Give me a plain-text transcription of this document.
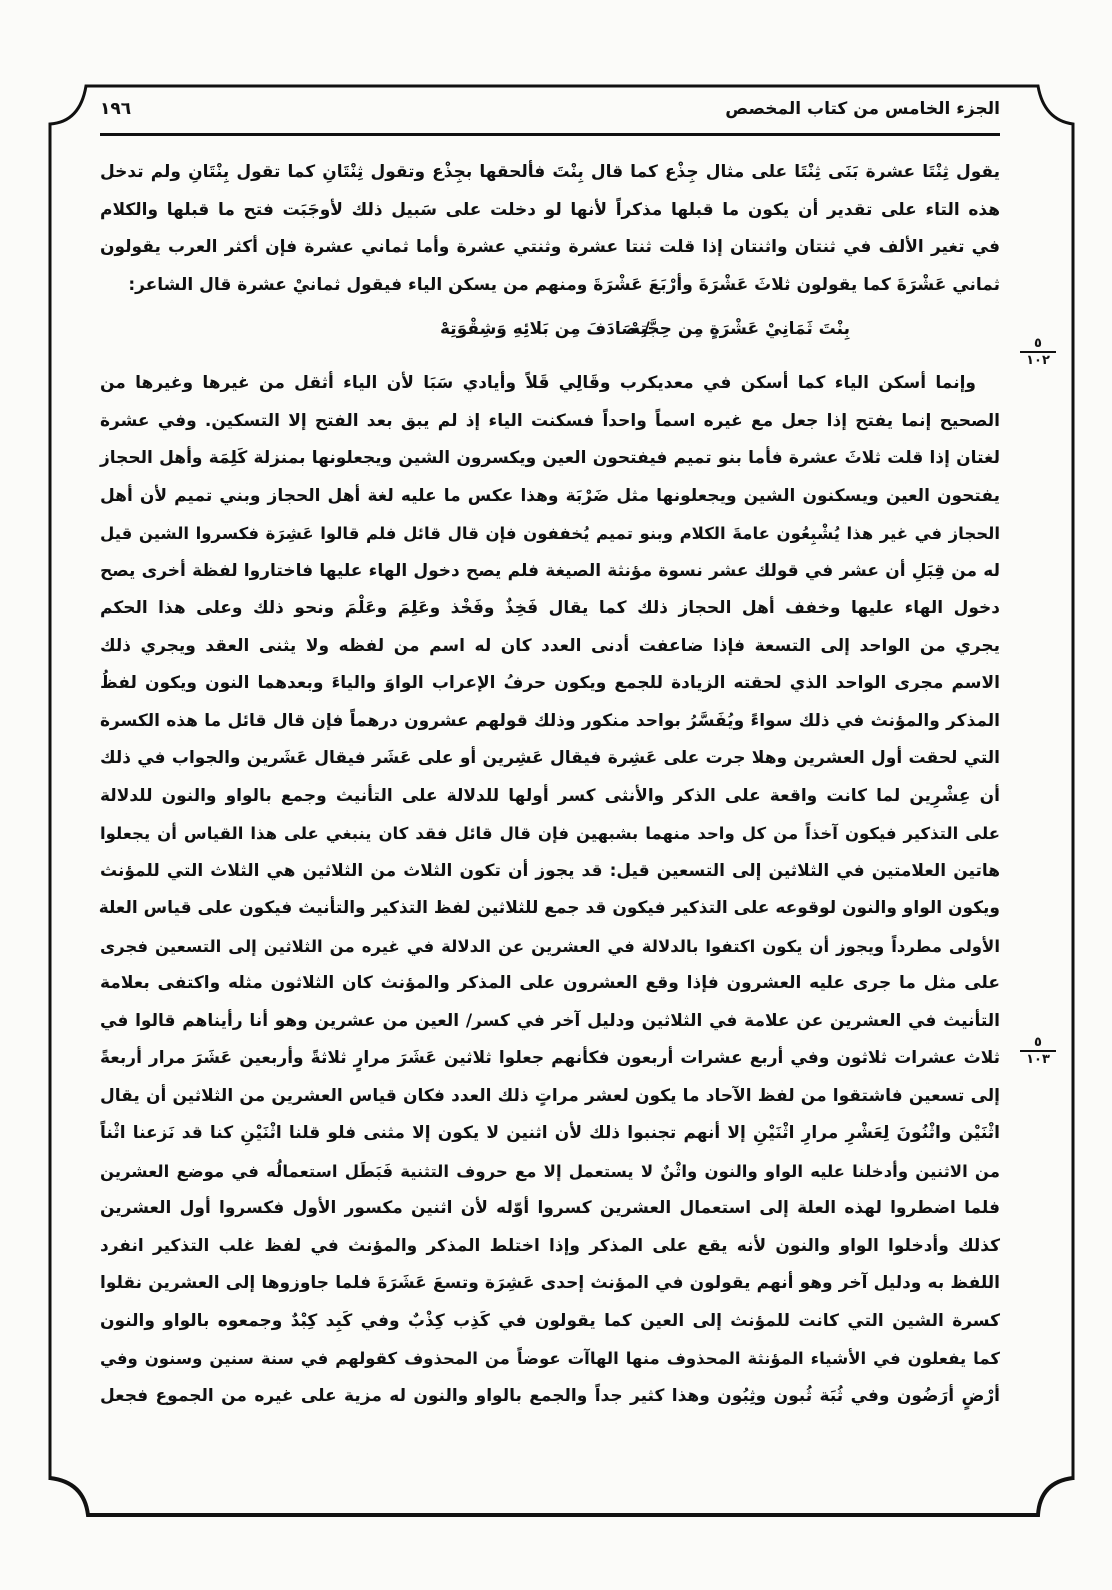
الجزء الخامس من كتاب المخصص
١٩٦
يقول ثِنْتَا عشرة بَنَى ثِنْتَا على مثال جِذْع كما قال بِنْتَ فألحقها بجِذْع وتقول ثِنْتَانِ كما تقول بِنْتَانِ ولم تدخل
هذه التاء على تقدير أن يكون ما قبلها مذكراً لأنها لو دخلت على سَبيل ذلك لأوجَبَت فتح ما قبلها والكلام
في تغير الألف في ثنتان واثنتان إذا قلت ثنتا عشرة وثنتي عشرة وأما ثماني عشرة فإن أكثر العرب يقولون
ثماني عَشْرَةَ كما يقولون ثلاثَ عَشْرَةَ وأرْبَعَ عَشْرَةَ ومنهم من يسكن الياء فيقول ثمانيْ عشرة قال الشاعر:
بِنْتَ ثَمَانِيْ عَشْرَةٍ مِن حِجَّتِهْ
/ صَادَفَ مِن بَلائِهِ وَشِقْوَتِهْ
٥
١٠٢
٥
١٠٣
وإنما أسكن الياء كما أسكن في معديكرب وقَالِي قَلاً وأيادي سَبَا لأن الياء أثقل من غيرها وغيرها من
الصحيح إنما يفتح إذا جعل مع غيره اسماً واحداً فسكنت الياء إذ لم يبق بعد الفتح إلا التسكين. وفي عشرة
لغتان إذا قلت ثلاثَ عشرة فأما بنو تميم فيفتحون العين ويكسرون الشين ويجعلونها بمنزلة كَلِمَة وأهل الحجاز
يفتحون العين ويسكنون الشين ويجعلونها مثل ضَرْبَة وهذا عكس ما عليه لغة أهل الحجاز وبني تميم لأن أهل
الحجاز في غير هذا يُشْبِعُون عامةَ الكلام وبنو تميم يُخففون فإن قال قائل فلم قالوا عَشِرَة فكسروا الشين قيل
له من قِبَلِ أن عشر في قولك عشر نسوة مؤنثة الصيغة فلم يصح دخول الهاء عليها فاختاروا لفظة أخرى يصح
دخول الهاء عليها وخفف أهل الحجاز ذلك كما يقال فَخِذٌ وفَخْذ وعَلِمَ وعَلْمَ ونحو ذلك وعلى هذا الحكم
يجري من الواحد إلى التسعة فإذا ضاعفت أدنى العدد كان له اسم من لفظه ولا يثنى العقد ويجري ذلك
الاسم مجرى الواحد الذي لحقته الزيادة للجمع ويكون حرفُ الإعراب الواوَ والياءَ وبعدهما النون ويكون لفظُ
المذكر والمؤنث في ذلك سواءً ويُفَسَّرُ بواحد منكور وذلك قولهم عشرون درهماً فإن قال قائل ما هذه الكسرة
التي لحقت أول العشرين وهلا جرت على عَشِرة فيقال عَشِرين أو على عَشَر فيقال عَشَرين والجواب في ذلك
أن عِشْرِين لما كانت واقعة على الذكر والأنثى كسر أولها للدلالة على التأنيث وجمع بالواو والنون للدلالة
على التذكير فيكون آخذاً من كل واحد منهما بشبهين فإن قال قائل فقد كان ينبغي على هذا القياس أن يجعلوا
هاتين العلامتين في الثلاثين إلى التسعين قيل: قد يجوز أن تكون الثلاث من الثلاثين هي الثلاث التي للمؤنث
ويكون الواو والنون لوقوعه على التذكير فيكون قد جمع للثلاثين لفظ التذكير والتأنيث فيكون على قياس العلة
الأولى مطرداً ويجوز أن يكون اكتفوا بالدلالة في العشرين عن الدلالة في غيره من الثلاثين إلى التسعين فجرى
على مثل ما جرى عليه العشرون فإذا وقع العشرون على المذكر والمؤنث كان الثلاثون مثله واكتفى بعلامة
التأنيث في العشرين عن علامة في الثلاثين ودليل آخر في كسر/ العين من عشرين وهو أنا رأيناهم قالوا في
ثلاث عشرات ثلاثون وفي أربع عشرات أربعون فكأنهم جعلوا ثلاثين عَشَرَ مرارٍ ثلاثةً وأربعين عَشَرَ مرار أربعةً
إلى تسعين فاشتقوا من لفظ الآحاد ما يكون لعشر مراتٍ ذلك العدد فكان قياس العشرين من الثلاثين أن يقال
اثْنَيْن واثْنُونَ لِعَشْرِ مرارِ اثْنَيْنِ إلا أنهم تجنبوا ذلك لأن اثنين لا يكون إلا مثنى فلو قلنا اثْنَيْنِ كنا قد نَزعنا اثْناً
من الاثنين وأدخلنا عليه الواو والنون واثْنٌ لا يستعمل إلا مع حروف التثنية فَبَطَل استعمالُه في موضع العشرين
فلما اضطروا لهذه العلة إلى استعمال العشرين كسروا أوّله لأن اثنين مكسور الأول فكسروا أول العشرين
كذلك وأدخلوا الواو والنون لأنه يقع على المذكر وإذا اختلط المذكر والمؤنث في لفظ غلب التذكير انفرد
اللفظ به ودليل آخر وهو أنهم يقولون في المؤنث إحدى عَشِرَة وتسعَ عَشَرَةَ فلما جاوزوها إلى العشرين نقلوا
كسرة الشين التي كانت للمؤنث إلى العين كما يقولون في كَذِب كِذْبٌ وفي كَبِد كِبْدٌ وجمعوه بالواو والنون
كما يفعلون في الأشياء المؤنثة المحذوف منها الهاآت عوضاً من المحذوف كقولهم في سنة سنين وسنون وفي
أرْضٍ أرَضُون وفي ثُبَة ثُبون وثِبُون وهذا كثير جداً والجمع بالواو والنون له مزية على غيره من الجموع فجعل
